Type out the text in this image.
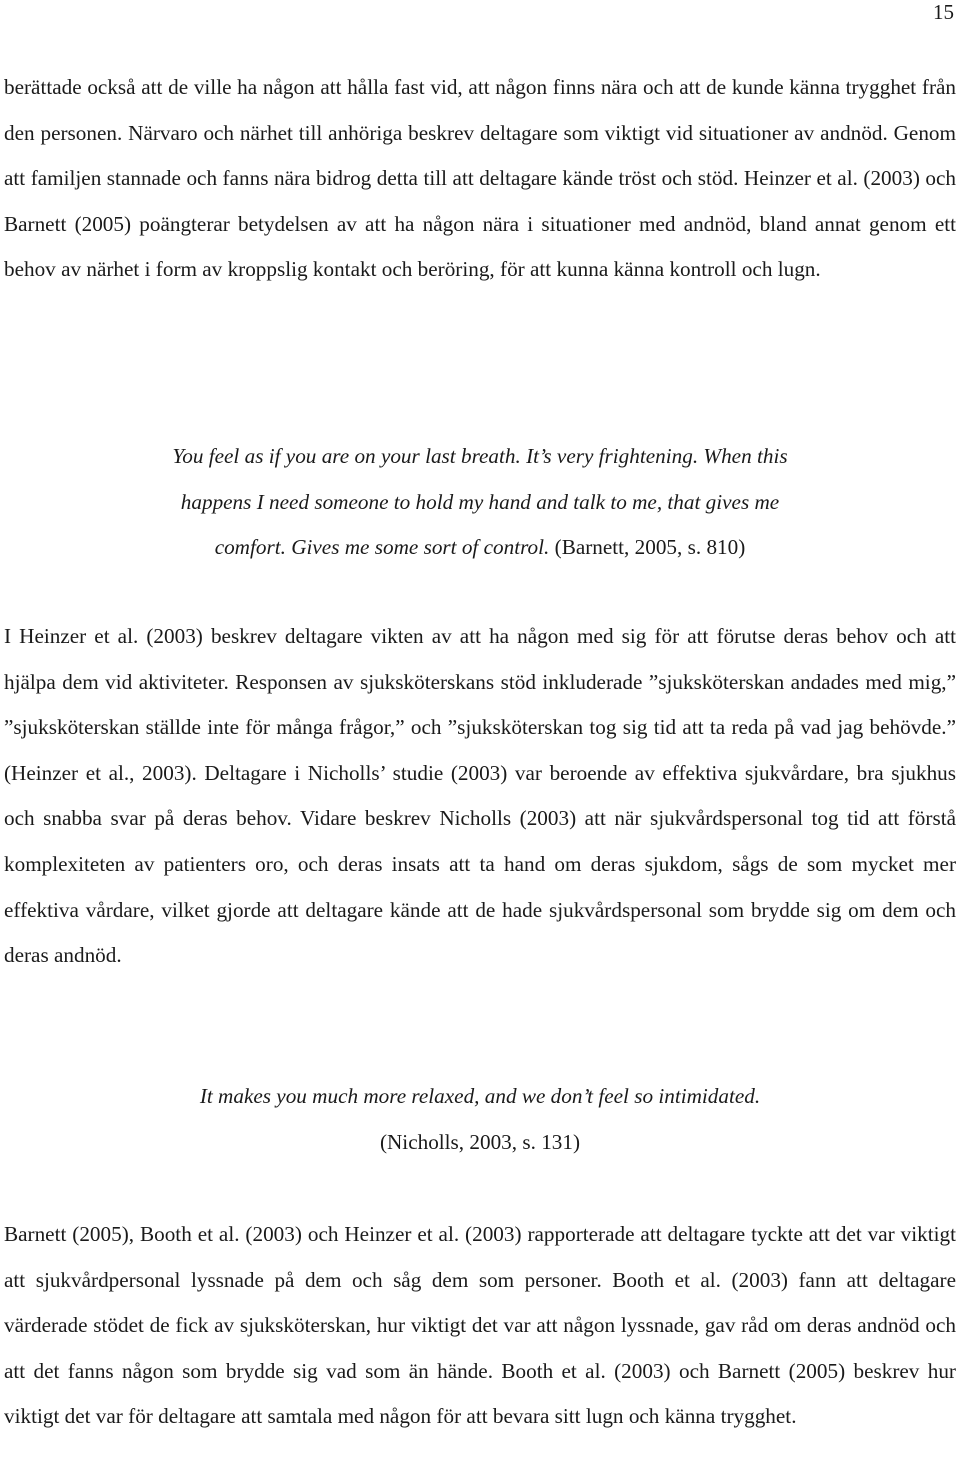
15

berättade också att de ville ha någon att hålla fast vid, att någon finns nära och att de kunde känna trygghet från den personen. Närvaro och närhet till anhöriga beskrev deltagare som viktigt vid situationer av andnöd. Genom att familjen stannade och fanns nära bidrog detta till att deltagare kände tröst och stöd. Heinzer et al. (2003) och Barnett (2005) poängterar betydelsen av att ha någon nära i situationer med andnöd, bland annat genom ett behov av närhet i form av kroppslig kontakt och beröring, för att kunna känna kontroll och lugn.

You feel as if you are on your last breath. It’s very frightening. When this
happens I need someone to hold my hand and talk to me, that gives me
comfort. Gives me some sort of control. (Barnett, 2005, s. 810)

I Heinzer et al. (2003) beskrev deltagare vikten av att ha någon med sig för att förutse deras behov och att hjälpa dem vid aktiviteter. Responsen av sjuksköterskans stöd inkluderade ”sjuksköterskan andades med mig,” ”sjuksköterskan ställde inte för många frågor,” och ”sjuksköterskan tog sig tid att ta reda på vad jag behövde.” (Heinzer et al., 2003). Deltagare i Nicholls’ studie (2003) var beroende av effektiva sjukvårdare, bra sjukhus och snabba svar på deras behov. Vidare beskrev Nicholls (2003) att när sjukvårdspersonal tog tid att förstå komplexiteten av patienters oro, och deras insats att ta hand om deras sjukdom, sågs de som mycket mer effektiva vårdare, vilket gjorde att deltagare kände att de hade sjukvårdspersonal som brydde sig om dem och deras andnöd.

It makes you much more relaxed, and we don’t feel so intimidated.
(Nicholls, 2003, s. 131)

Barnett (2005), Booth et al. (2003) och Heinzer et al. (2003) rapporterade att deltagare tyckte att det var viktigt att sjukvårdpersonal lyssnade på dem och såg dem som personer. Booth et al. (2003) fann att deltagare värderade stödet de fick av sjuksköterskan, hur viktigt det var att någon lyssnade, gav råd om deras andnöd och att det fanns någon som brydde sig vad som än hände. Booth et al. (2003) och Barnett (2005) beskrev hur viktigt det var för deltagare att samtala med någon för att bevara sitt lugn och känna trygghet.
